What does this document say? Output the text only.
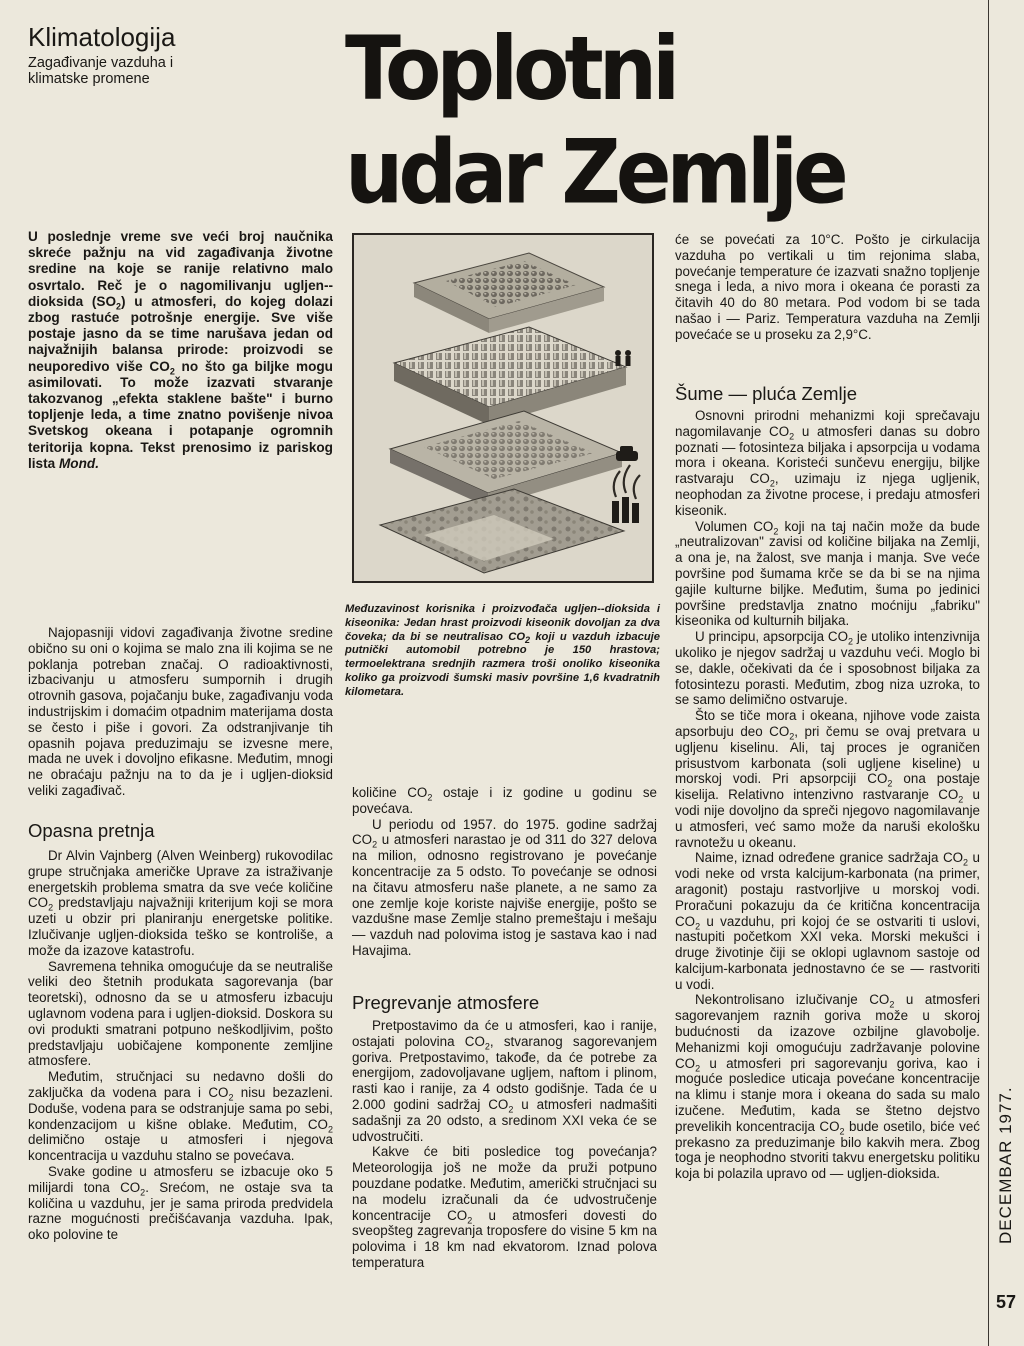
Klimatologija
Zagađivanje vazduha i klimatske promene	Toplotni
udar Zemlje
U poslednje vreme sve veći broj naučnika skreće pažnju na vid zagađivanja životne sredine na koje se ranije relativno malo osvrtalo. Reč je o nagomilivanju ugljen--dioksida $(SO_2)$ u atmosferi, do kojeg dolazi zbog rastuće potrošnje energije. Sve više postaje jasno da se time narušava jedan od najvažnijih balansa prirode: proizvodi se neuporedivo više $CO_2$ no što ga biljke mogu asimilovati. To može izazvati stvaranje takozvanog „efekta staklene bašte" i burno topljenje leda, a time znatno povišenje nivoa Svetskog okeana i potapanje ogromnih teritorija kopna. Tekst prenosimo iz pariskog lista Mond.
Međuzavinost korisnika i proizvođača ugljen--dioksida i kiseonika: Jedan hrast proizvodi kiseonik dovoljan za dva čoveka; da bi se neutralisao $CO_2$ koji u vazduh izbacuje putnički automobil potrebno je 150 hrastova; termoelektrana srednjih razmera troši onoliko kiseonika koliko ga proizvodi šumski masiv površine 1,6 kvadratnih kilometara.

Najopasniji vidovi zagađivanja životne sredine obično su oni o kojima se malo zna ili kojima se ne poklanja potreban značaj. O radioaktivnosti, izbacivanju u atmosferu sumpornih i drugih otrovnih gasova, pojačanju buke, zagađivanju voda industrijskim i domaćim otpadnim materijama dosta se često i piše i govori. Za odstranjivanje tih opasnih pojava preduzimaju se izvesne mere, mada ne uvek i dovoljno efikasne. Međutim, mnogi ne obraćaju pažnju na to da je i ugljen-dioksid veliki zagađivač.

Opasna pretnja

Dr Alvin Vajnberg (Alven Weinberg) rukovodilac grupe stručnjaka američke Uprave za istraživanje energetskih problema smatra da sve veće količine $CO_2$ predstavljaju najvažniji kriterijum koji se mora uzeti u obzir pri planiranju energetske politike. Izlučivanje ugljen-dioksida teško se kontroliše, a može da izazove katastrofu.

Savremena tehnika omogućuje da se neutrališe veliki deo štetnih produkata sagorevanja (bar teoretski), odnosno da se u atmosferu izbacuju uglavnom vodena para i ugljen-dioksid. Doskora su ovi produkti smatrani potpuno neškodljivim, pošto predstavljaju uobičajene komponente zemljine atmosfere.

Međutim, stručnjaci su nedavno došli do zaključka da vodena para i $CO_2$ nisu bezazleni. Doduše, vodena para se odstranjuje sama po sebi, kondenzacijom u kišne oblake. Međutim, $CO_2$ delimično ostaje u atmosferi i njegova koncentracija u vazduhu stalno se povećava.

Svake godine u atmosferu se izbacuje oko 5 milijardi tona $CO_2$. Srećom, ne ostaje sva ta količina u vazduhu, jer je sama priroda predvidela razne mogućnosti prečišćavanja vazduha. Ipak, oko polovine te

količine $CO_2$ ostaje i iz godine u godinu se povećava.

U periodu od 1957. do 1975. godine sadržaj $CO_2$ u atmosferi narastao je od 311 do 327 delova na milion, odnosno registrovano je povećanje koncentracije za 5 odsto. To povećanje se odnosi na čitavu atmosferu naše planete, a ne samo za one zemlje koje koriste najviše energije, pošto se vazdušne mase Zemlje stalno premeštaju i mešaju — vazduh nad polovima istog je sastava kao i nad Havajima.

Pregrevanje atmosfere

Pretpostavimo da će u atmosferi, kao i ranije, ostajati polovina $CO_2$, stvaranog sagorevanjem goriva. Pretpostavimo, takođe, da će potrebe za energijom, zadovoljavane ugljem, naftom i plinom, rasti kao i ranije, za 4 odsto godišnje. Tada će u 2.000 godini sadržaj $CO_2$ u atmosferi nadmašiti sadašnji za 20 odsto, a sredinom XXI veka će se udvostručiti.

Kakve će biti posledice tog povećanja? Meteorologija još ne može da pruži potpuno pouzdane podatke. Međutim, američki stručnjaci su na modelu izračunali da će udvostručenje koncentracije $CO_2$ u atmosferi dovesti do sveopšteg zagrevanja troposfere do visine 5 km na polovima i 18 km nad ekvatorom. Iznad polova temperatura

će se povećati za 10°C. Pošto je cirkulacija vazduha po vertikali u tim rejonima slaba, povećanje temperature će izazvati snažno topljenje snega i leda, a nivo mora i okeana će porasti za čitavih 40 do 80 metara. Pod vodom bi se tada našao i — Pariz. Temperatura vazduha na Zemlji povećaće se u proseku za 2,9°C.

Šume — pluća Zemlje

Osnovni prirodni mehanizmi koji sprečavaju nagomilavanje $CO_2$ u atmosferi danas su dobro poznati — fotosinteza biljaka i apsorpcija u vodama mora i okeana. Koristeći sunčevu energiju, biljke rastvaraju $CO_2$, uzimaju iz njega ugljenik, neophodan za životne procese, i predaju atmosferi kiseonik.

Volumen $CO_2$ koji na taj način može da bude „neutralizovan" zavisi od količine biljaka na Zemlji, a ona je, na žalost, sve manja i manja. Sve veće površine pod šumama krče se da bi se na njima gajile kulturne biljke. Međutim, šuma po jedinici površine predstavlja znatno moćniju „fabriku" kiseonika od kulturnih biljaka.

U principu, apsorpcija $CO_2$ je utoliko intenzivnija ukoliko je njegov sadržaj u vazduhu veći. Moglo bi se, dakle, očekivati da će i sposobnost biljaka za fotosintezu porasti. Međutim, zbog niza uzroka, to se samo delimično ostvaruje.

Što se tiče mora i okeana, njihove vode zaista apsorbuju deo $CO_2$, pri čemu se ovaj pretvara u ugljenu kiselinu. Ali, taj proces je ograničen prisustvom karbonata (soli ugljene kiseline) u morskoj vodi. Pri apsorpciji $CO_2$ ona postaje kiselija. Relativno intenzivno rastvaranje $CO_2$ u vodi nije dovoljno da spreči njegovo nagomilavanje u atmosferi, već samo može da naruši ekološku ravnotežu u okeanu.

Naime, iznad određene granice sadržaja $CO_2$ u vodi neke od vrsta kalcijum-karbonata (na primer, aragonit) postaju rastvorljive u morskoj vodi. Proračuni pokazuju da će kritična koncentracija $CO_2$ u vazduhu, pri kojoj će se ostvariti ti uslovi, nastupiti početkom XXI veka. Morski mekušci i druge životinje čiji se oklopi uglavnom sastoje od kalcijum-karbonata jednostavno će se — rastvoriti u vodi.

Nekontrolisano izlučivanje $CO_2$ u atmosferi sagorevanjem raznih goriva može u skoroj budućnosti da izazove ozbiljne glavobolje. Mehanizmi koji omogućuju zadržavanje polovine $CO_2$ u atmosferi pri sagorevanju goriva, kao i moguće posledice uticaja povećane koncentracije na klimu i stanje mora i okeana do sada su malo izučene. Međutim, kada se štetno dejstvo prevelikih koncentracija $CO_2$ bude osetilo, biće već prekasno za preduzimanje bilo kakvih mera. Zbog toga je neophodno stvoriti takvu energetsku politiku koja bi polazila upravo od — ugljen-dioksida.	DECEMBAR 1977.
57
